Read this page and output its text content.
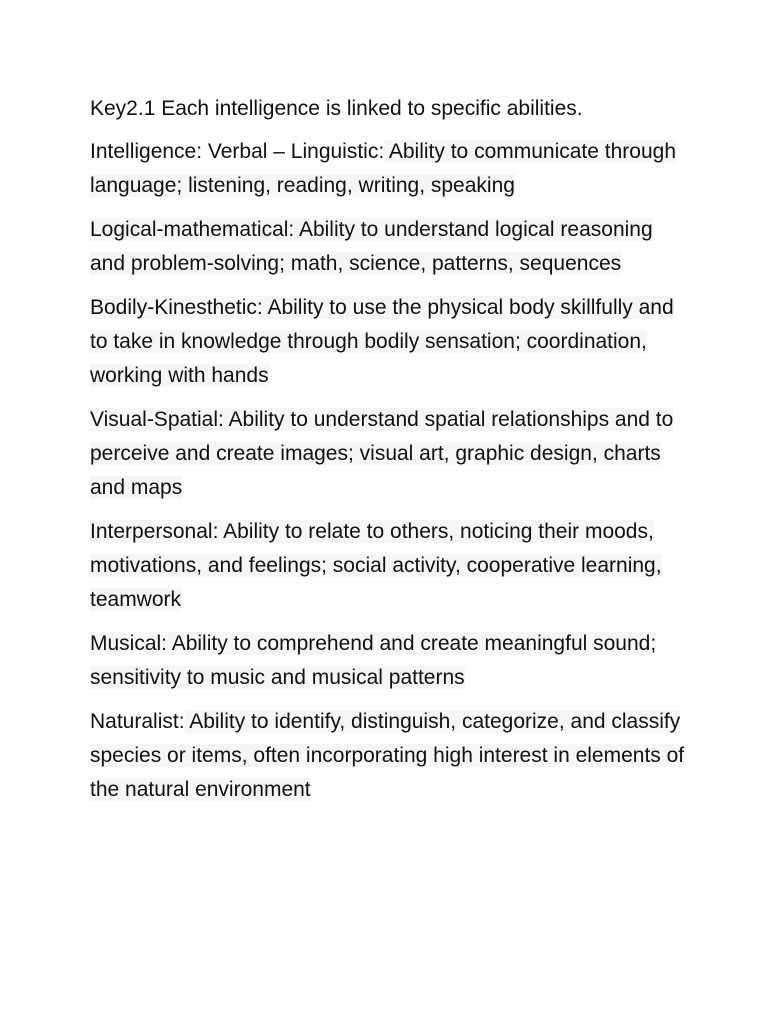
Key2.1 Each intelligence is linked to specific abilities.

Intelligence: Verbal – Linguistic: Ability to communicate through language; listening, reading, writing, speaking

Logical-mathematical: Ability to understand logical reasoning and problem-solving; math, science, patterns, sequences

Bodily-Kinesthetic: Ability to use the physical body skillfully and to take in knowledge through bodily sensation; coordination, working with hands

Visual-Spatial: Ability to understand spatial relationships and to perceive and create images; visual art, graphic design, charts and maps

Interpersonal: Ability to relate to others, noticing their moods, motivations, and feelings; social activity, cooperative learning, teamwork

Musical: Ability to comprehend and create meaningful sound; sensitivity to music and musical patterns

Naturalist: Ability to identify, distinguish, categorize, and classify species or items, often incorporating high interest in elements of the natural environment
